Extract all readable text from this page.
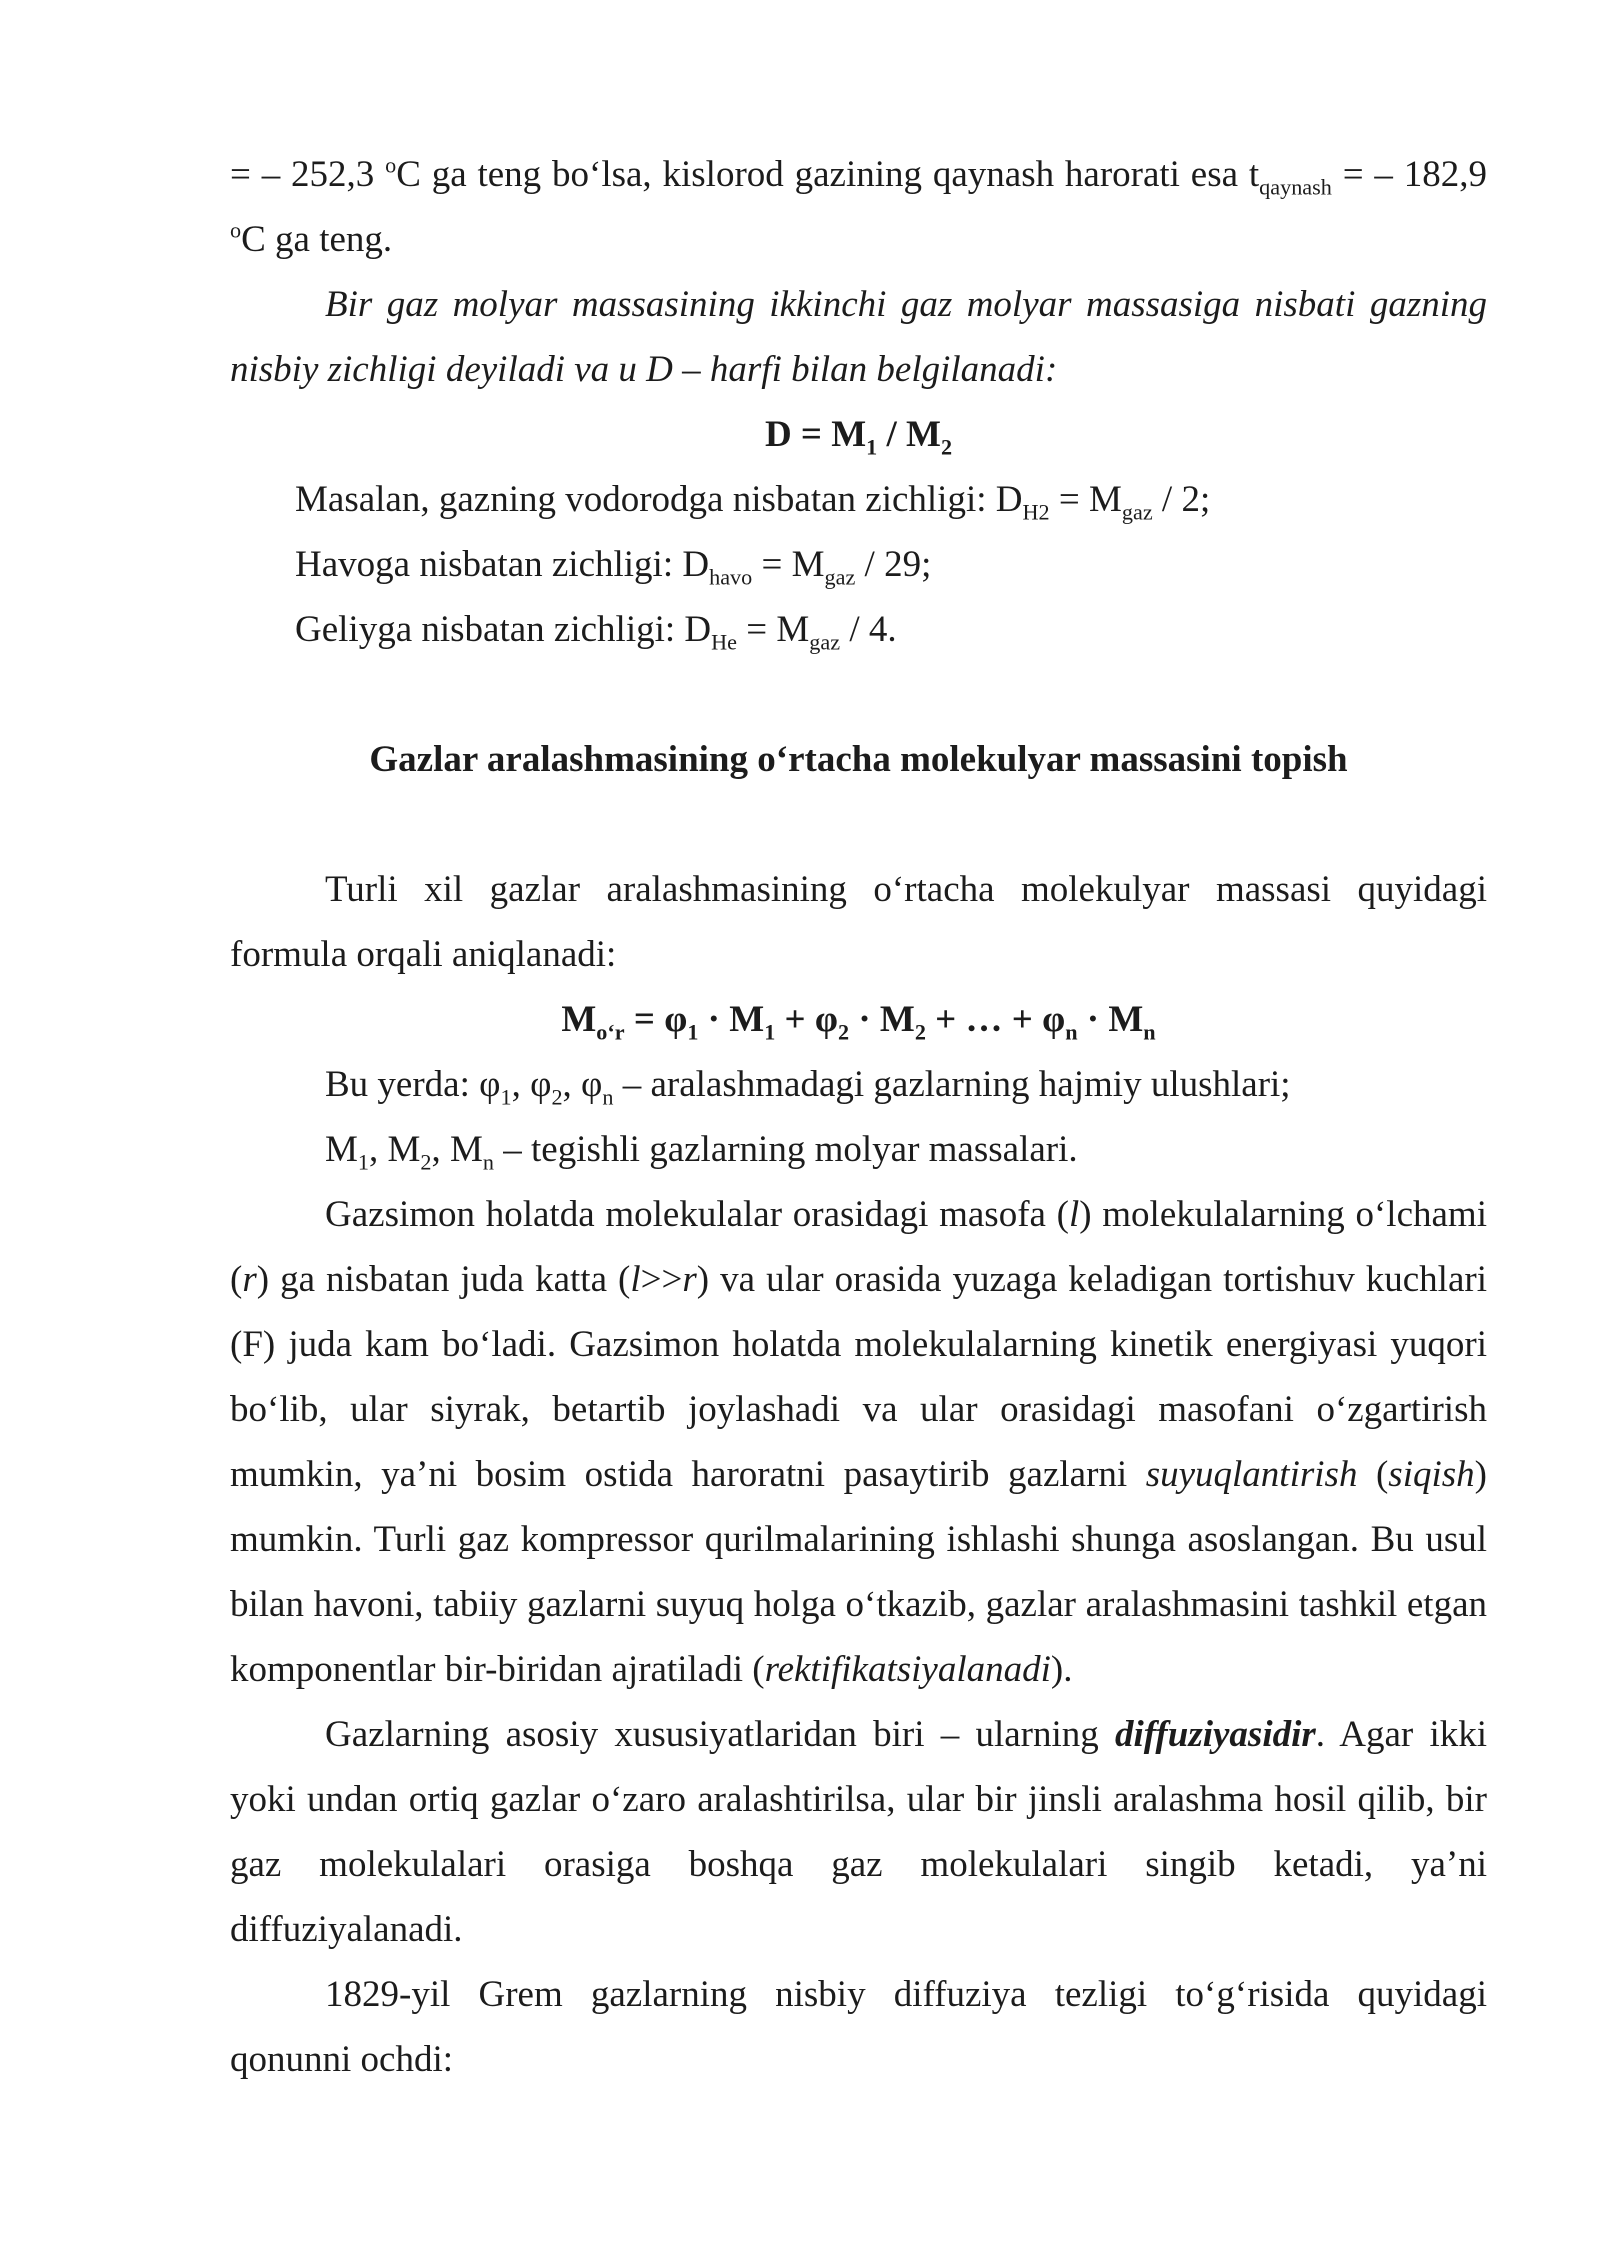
= – 252,3 $^o$C ga teng bo‘lsa, kislorod gazining qaynash harorati esa $t_{qaynash}$ = – 182,9
$^o$C ga teng.
Bir gaz molyar massasining ikkinchi gaz molyar massasiga nisbati gazning
nisbiy zichligi deyiladi va u D – harfi bilan belgilanadi:
$D = M_1 / M_2$
Masalan, gazning vodorodga nisbatan zichligi: $D_{H2} = M_{gaz} / 2$;
Havoga nisbatan zichligi: $D_{havo} = M_{gaz} / 29$;
Geliyga nisbatan zichligi: $D_{He} = M_{gaz} / 4$.
Gazlar aralashmasining o‘rtacha molekulyar massasini topish
Turli xil gazlar aralashmasining o‘rtacha molekulyar massasi quyidagi
formula orqali aniqlanadi:
$M_{o‘r} = \varphi_1 \cdot M_1 + \varphi_2 \cdot M_2$ + … + $\varphi_n \cdot M_n$
Bu yerda: $\varphi_1$, $\varphi_2$, $\varphi_n$ – aralashmadagi gazlarning hajmiy ulushlari;
$M_1$, $M_2$, $M_n$ – tegishli gazlarning molyar massalari.
Gazsimon holatda molekulalar orasidagi masofa (l) molekulalarning o‘lchami
(r) ga nisbatan juda katta (l>>r) va ular orasida yuzaga keladigan tortishuv kuchlari
(F) juda kam bo‘ladi. Gazsimon holatda molekulalarning kinetik energiyasi yuqori
bo‘lib, ular siyrak, betartib joylashadi va ular orasidagi masofani o‘zgartirish
mumkin, ya’ni bosim ostida haroratni pasaytirib gazlarni suyuqlantirish (siqish)
mumkin. Turli gaz kompressor qurilmalarining ishlashi shunga asoslangan. Bu usul
bilan havoni, tabiiy gazlarni suyuq holga o‘tkazib, gazlar aralashmasini tashkil etgan
komponentlar bir-biridan ajratiladi (rektifikatsiyalanadi).
Gazlarning asosiy xususiyatlaridan biri – ularning diffuziyasidir. Agar ikki
yoki undan ortiq gazlar o‘zaro aralashtirilsa, ular bir jinsli aralashma hosil qilib, bir
gaz molekulalari orasiga boshqa gaz molekulalari singib ketadi, ya’ni
diffuziyalanadi.
1829-yil Grem gazlarning nisbiy diffuziya tezligi to‘g‘risida quyidagi
qonunni ochdi:
